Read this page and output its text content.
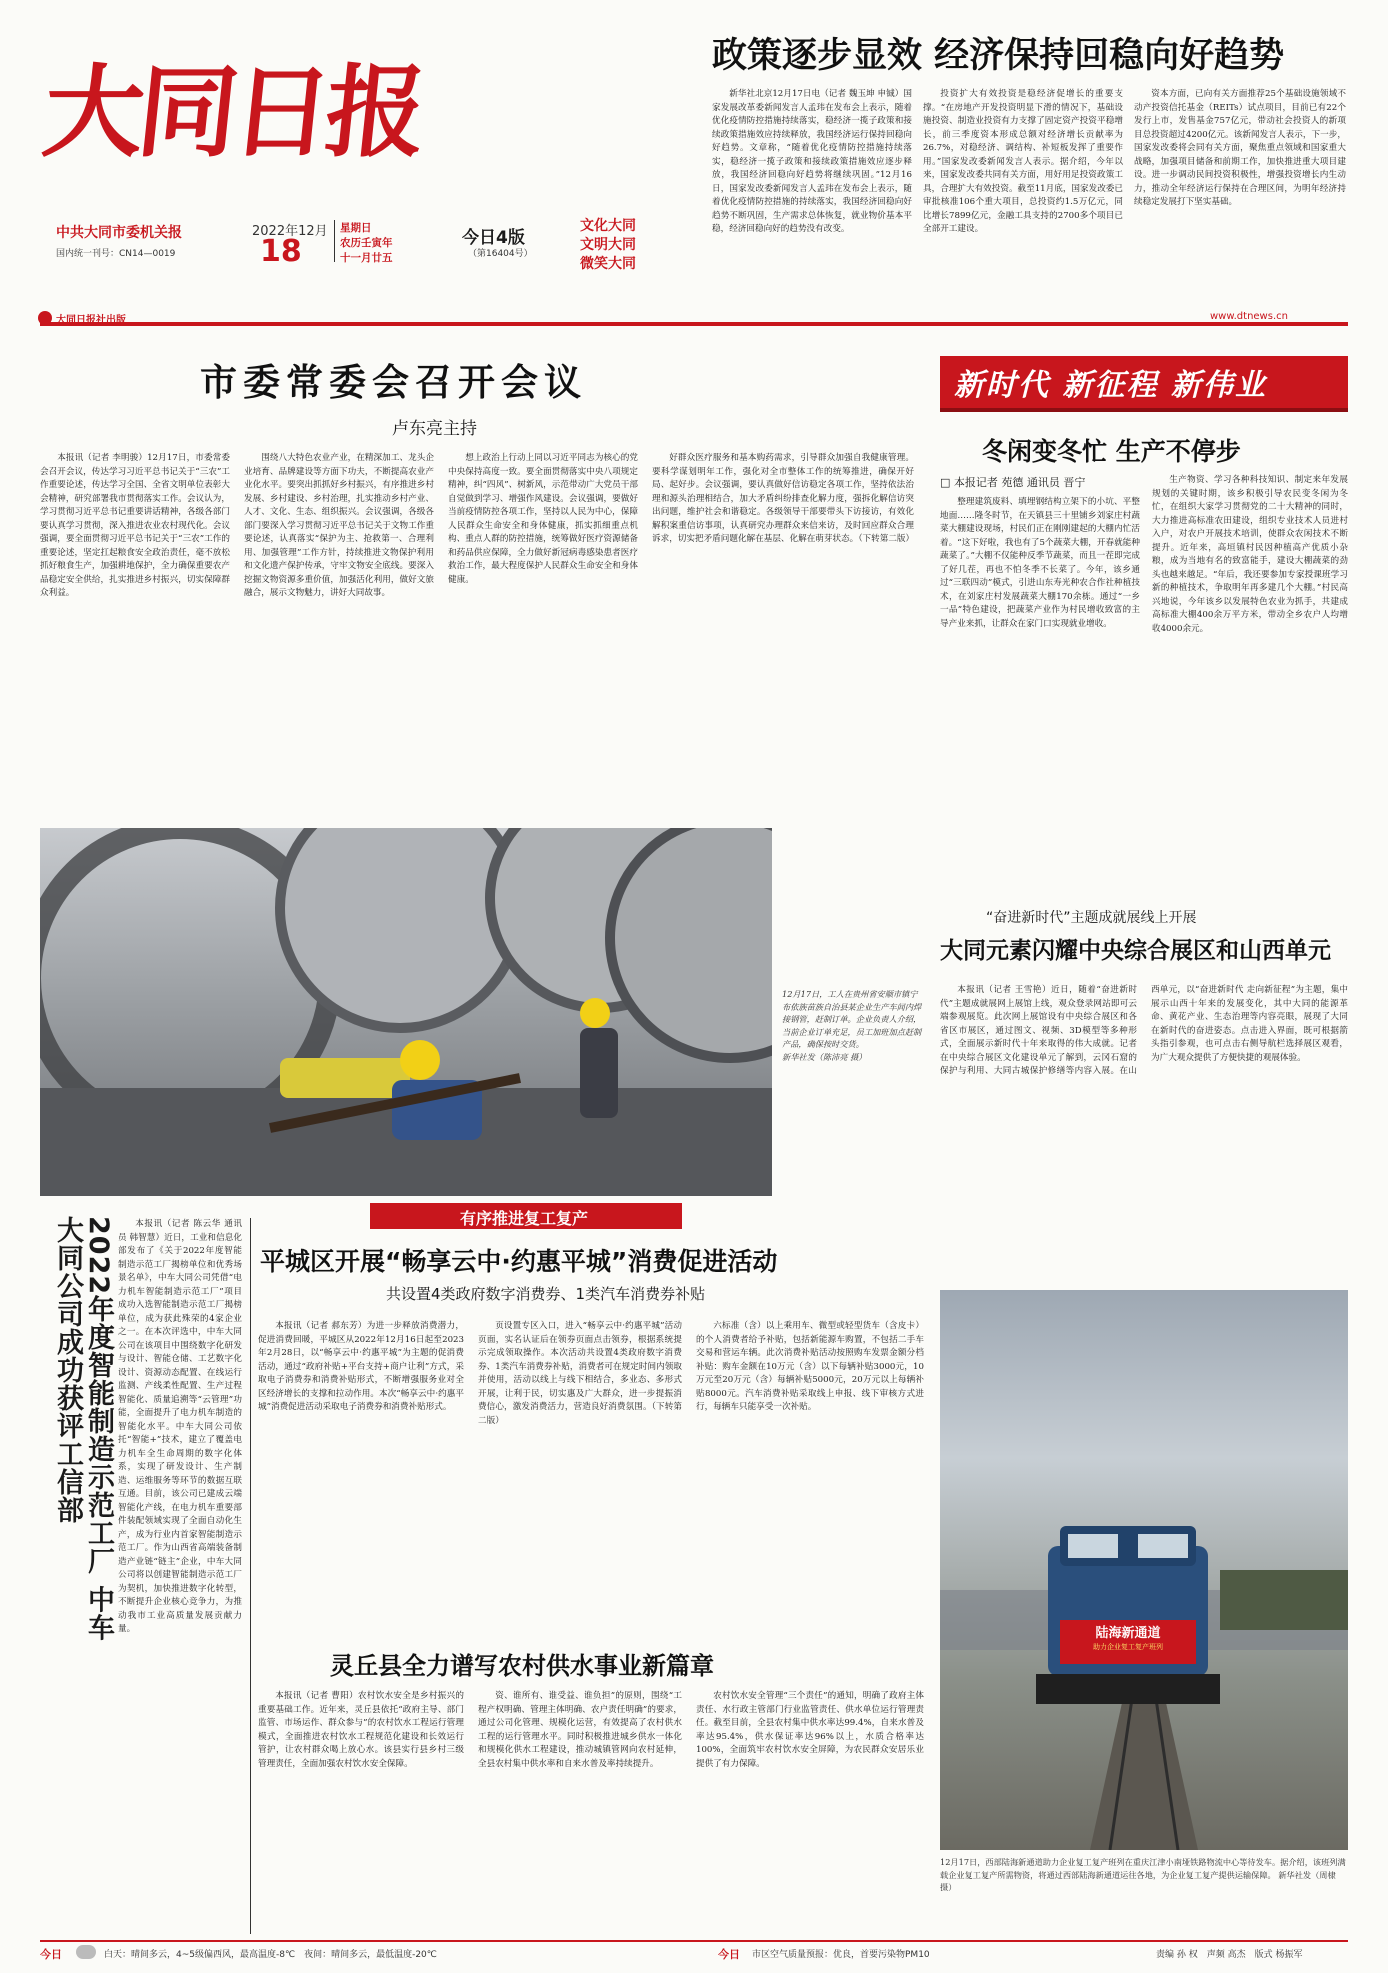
大同日报
中共大同市委机关报
国内统一刊号：CN14—0019
2022年12月
18
星期日
农历壬寅年
十一月廿五
今日4版
（第16404号）
文化大同
文明大同
微笑大同
大同日报社出版	www.dtnews.cn
政策逐步显效 经济保持回稳向好趋势

新华社北京12月17日电（记者 魏玉坤 申铖）国家发展改革委新闻发言人孟玮在发布会上表示，随着优化疫情防控措施持续落实，稳经济一揽子政策和接续政策措施效应持续释放，我国经济运行保持回稳向好趋势。文章称，“随着优化疫情防控措施持续落实，稳经济一揽子政策和接续政策措施效应逐步释放，我国经济回稳向好趋势将继续巩固。”12月16日，国家发改委新闻发言人孟玮在发布会上表示，随着优化疫情防控措施的持续落实，我国经济回稳向好趋势不断巩固，生产需求总体恢复，就业物价基本平稳，经济回稳向好的趋势没有改变。

投资扩大有效投资是稳经济促增长的重要支撑。“在房地产开发投资明显下滑的情况下，基础设施投资、制造业投资有力支撑了固定资产投资平稳增长，前三季度资本形成总额对经济增长贡献率为26.7%，对稳经济、调结构、补短板发挥了重要作用。”国家发改委新闻发言人表示。据介绍，今年以来，国家发改委共同有关方面，用好用足投资政策工具，合理扩大有效投资。截至11月底，国家发改委已审批核准106个重大项目，总投资约1.5万亿元，同比增长7899亿元，金融工具支持的2700多个项目已全部开工建设。

资本方面，已向有关方面推荐25个基础设施领域不动产投资信托基金（REITs）试点项目，目前已有22个发行上市，发售基金757亿元，带动社会投资人的新项目总投资超过4200亿元。该新闻发言人表示，下一步，国家发改委将会同有关方面，聚焦重点领域和国家重大战略，加强项目储备和前期工作，加快推进重大项目建设。进一步调动民间投资积极性，增强投资增长内生动力，推动全年经济运行保持在合理区间，为明年经济持续稳定发展打下坚实基础。

市委常委会召开会议
卢东亮主持

本报讯（记者 李明骏）12月17日，市委常委会召开会议，传达学习习近平总书记关于“三农”工作重要论述，传达学习全国、全省文明单位表彰大会精神，研究部署我市贯彻落实工作。会议认为，学习贯彻习近平总书记重要讲话精神，各级各部门要认真学习贯彻，深入推进农业农村现代化。会议强调，要全面贯彻习近平总书记关于“三农”工作的重要论述，坚定扛起粮食安全政治责任，毫不放松抓好粮食生产，加强耕地保护，全力确保重要农产品稳定安全供给，扎实推进乡村振兴，切实保障群众利益。

围绕八大特色农业产业，在精深加工、龙头企业培育、品牌建设等方面下功夫，不断提高农业产业化水平。要突出抓抓好乡村振兴，有序推进乡村发展、乡村建设、乡村治理，扎实推动乡村产业、人才、文化、生态、组织振兴。会议强调，各级各部门要深入学习贯彻习近平总书记关于文物工作重要论述，认真落实“保护为主、抢救第一、合理利用、加强管理”工作方针，持续推进文物保护利用和文化遗产保护传承，守牢文物安全底线。要深入挖掘文物资源多重价值，加强活化利用，做好文旅融合，展示文物魅力，讲好大同故事。

想上政治上行动上同以习近平同志为核心的党中央保持高度一致。要全面贯彻落实中央八项规定精神，纠“四风”、树新风，示范带动广大党员干部自觉做到学习、增强作风建设。会议强调，要做好当前疫情防控各项工作，坚持以人民为中心，保障人民群众生命安全和身体健康，抓实抓细重点机构、重点人群的防控措施，统筹做好医疗资源储备和药品供应保障，全力做好新冠病毒感染患者医疗救治工作，最大程度保护人民群众生命安全和身体健康。

好群众医疗服务和基本购药需求，引导群众加强自我健康管理。要科学谋划明年工作，强化对全市整体工作的统筹推进，确保开好局、起好步。会议强调，要认真做好信访稳定各项工作，坚持依法治理和源头治理相结合，加大矛盾纠纷排查化解力度，强拆化解信访突出问题，维护社会和谐稳定。各级领导干部要带头下访接访，有效化解积案重信访事项，认真研究办理群众来信来访，及时回应群众合理诉求，切实把矛盾问题化解在基层、化解在萌芽状态。（下转第二版）

新时代 新征程 新伟业
冬闲变冬忙 生产不停步
□ 本报记者 苑德 通讯员 晋宁

整理建筑废料、填埋钢结构立架下的小坑、平整地面……隆冬时节，在天镇县三十里铺乡刘家庄村蔬菜大棚建设现场，村民们正在刚刚建起的大棚内忙活着。“这下好啦，我也有了5个蔬菜大棚，开春就能种蔬菜了。”大棚不仅能种反季节蔬菜，而且一茬即完成了好几茬，再也不怕冬季不长菜了。今年，该乡通过“三联四动”模式，引进山东寿光种农合作社种植技术，在刘家庄村发展蔬菜大棚170余栋。通过“一乡一品”特色建设，把蔬菜产业作为村民增收致富的主导产业来抓，让群众在家门口实现就业增收。

生产物资、学习各种科技知识、制定来年发展规划的关键时期，该乡积极引导农民变冬闲为冬忙，在组织大家学习贯彻党的二十大精神的同时，大力推进高标准农田建设，组织专业技术人员进村入户，对农户开展技术培训，使群众农闲技术不断提升。近年来，高垣镇村民因种植高产优质小杂粮，成为当地有名的致富能手，建设大棚蔬菜的劲头也越来越足。“年后，我还要参加专家授课班学习新的种植技术，争取明年再多建几个大棚。”村民高兴地说，今年该乡以发展特色农业为抓手，共建成高标准大棚400余万平方米，带动全乡农户人均增收4000余元。

12月17日，工人在贵州省安顺市镇宁布依族苗族自治县某企业生产车间内焊接钢管，赶制订单。企业负责人介绍，当前企业订单充足，员工加班加点赶制产品，确保按时交货。
新华社发（陈沛亮 摄）
“奋进新时代”主题成就展线上开展
大同元素闪耀中央综合展区和山西单元

本报讯（记者 王雪艳）近日，随着“奋进新时代”主题成就展网上展馆上线，观众登录网站即可云端参观展览。此次网上展馆设有中央综合展区和各省区市展区，通过图文、视频、3D模型等多种形式，全面展示新时代十年来取得的伟大成就。记者在中央综合展区文化建设单元了解到，云冈石窟的保护与利用、大同古城保护修缮等内容入展。在山西单元，以“奋进新时代 走向新征程”为主题，集中展示山西十年来的发展变化，其中大同的能源革命、黄花产业、生态治理等内容亮眼，展现了大同在新时代的奋进姿态。点击进入界面，既可根据箭头指引参观，也可点击右侧导航栏选择展区观看，为广大观众提供了方便快捷的观展体验。

有序推进复工复产
平城区开展“畅享云中·约惠平城”消费促进活动
共设置4类政府数字消费券、1类汽车消费券补贴

本报讯（记者 郝东芳）为进一步释放消费潜力，促进消费回暖，平城区从2022年12月16日起至2023年2月28日，以“畅享云中·约惠平城”为主题的促消费活动，通过“政府补贴+平台支持+商户让利”方式，采取电子消费券和消费补贴形式，不断增强服务业对全区经济增长的支撑和拉动作用。本次“畅享云中·约惠平城”消费促进活动采取电子消费券和消费补贴形式。

页设置专区入口，进入“畅享云中·约惠平城”活动页面，实名认证后在领券页面点击领券，根据系统提示完成领取操作。本次活动共设置4类政府数字消费券、1类汽车消费券补贴，消费者可在规定时间内领取并使用，活动以线上与线下相结合，多业态、多形式开展，让利于民，切实惠及广大群众，进一步提振消费信心，激发消费活力，营造良好消费氛围。（下转第二版）

六标准（含）以上乘用车、微型或轻型货车（含皮卡）的个人消费者给予补贴，包括新能源车购置，不包括二手车交易和营运车辆。此次消费补贴活动按照购车发票金额分档补贴：购车金额在10万元（含）以下每辆补贴3000元，10万元至20万元（含）每辆补贴5000元，20万元以上每辆补贴8000元。汽车消费补贴采取线上申报、线下审核方式进行，每辆车只能享受一次补贴。

2022年度智能制造示范工厂 中车大同公司成功获评工信部	本报讯（记者 陈云华 通讯员 韩智慧）近日，工业和信息化部发布了《关于2022年度智能制造示范工厂揭榜单位和优秀场景名单》，中车大同公司凭借“电力机车智能制造示范工厂”项目成功入选智能制造示范工厂揭榜单位，成为获此殊荣的4家企业之一。在本次评选中，中车大同公司在该项目中围绕数字化研发与设计、智能仓储、工艺数字化设计、资源动态配置、在线运行监测、产线柔性配置、生产过程智能化、质量追溯等“云管理”功能，全面提升了电力机车制造的智能化水平。中车大同公司依托“智能+”技术，建立了覆盖电力机车全生命周期的数字化体系，实现了研发设计、生产制造、运维服务等环节的数据互联互通。目前，该公司已建成云端智能化产线，在电力机车重要部件装配领域实现了全面自动化生产，成为行业内首家智能制造示范工厂。作为山西省高端装备制造产业链“链主”企业，中车大同公司将以创建智能制造示范工厂为契机，加快推进数字化转型，不断提升企业核心竞争力，为推动我市工业高质量发展贡献力量。

灵丘县全力谱写农村供水事业新篇章

本报讯（记者 曹阳）农村饮水安全是乡村振兴的重要基础工作。近年来，灵丘县依托“政府主导、部门监管、市场运作、群众参与”的农村饮水工程运行管理模式，全面推进农村饮水工程规范化建设和长效运行管护，让农村群众喝上放心水。该县实行县乡村三级管理责任，全面加强农村饮水安全保障。

资、谁所有、谁受益、谁负担”的原则，围绕“工程产权明确、管理主体明确、农户责任明确”的要求，通过公司化管理、规模化运营，有效提高了农村供水工程的运行管理水平。同时积极推进城乡供水一体化和规模化供水工程建设，推动城镇管网向农村延伸，全县农村集中供水率和自来水普及率持续提升。

农村饮水安全管理“三个责任”的通知，明确了政府主体责任、水行政主管部门行业监管责任、供水单位运行管理责任。截至目前，全县农村集中供水率达99.4%，自来水普及率达95.4%，供水保证率达96%以上，水质合格率达100%，全面筑牢农村饮水安全屏障，为农民群众安居乐业提供了有力保障。

陆海新通道
助力企业复工复产班列
12月17日，西部陆海新通道助力企业复工复产班列在重庆江津小南垭铁路物流中心等待发车。据介绍，该班列满载企业复工复产所需物资，将通过西部陆海新通道运往各地，为企业复工复产提供运输保障。 新华社发（周棣 摄）
今日	白天：晴间多云，4~5级偏西风，最高温度-8℃　夜间：晴间多云，最低温度-20℃	今日 市区空气质量预报：优良，首要污染物PM10	责编 孙 权　声频 高杰　版式 杨振军
